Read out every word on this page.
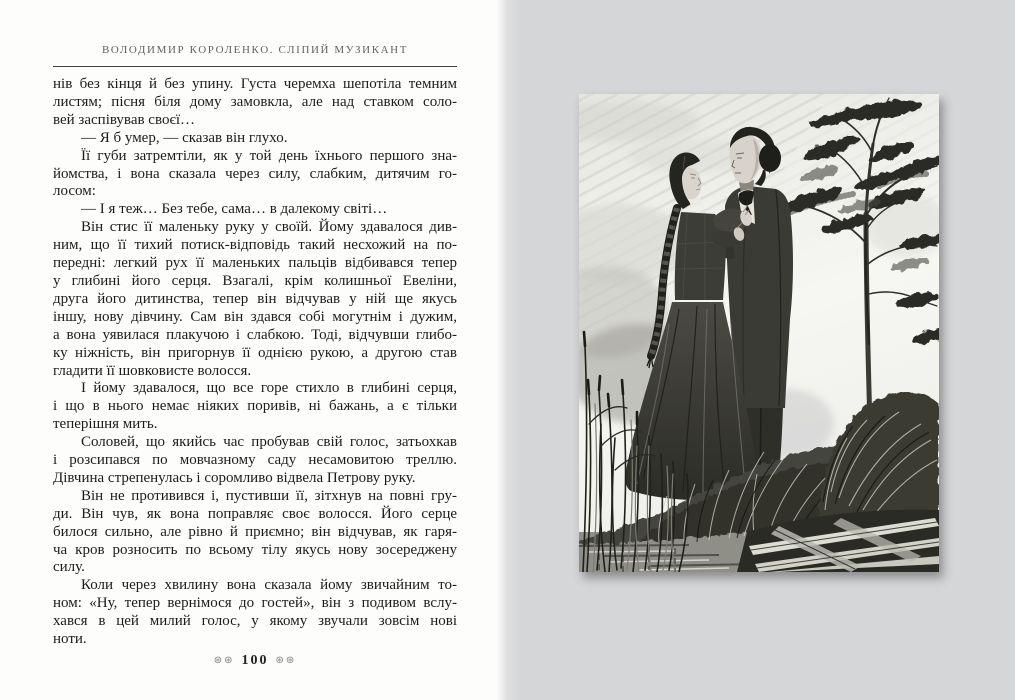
ВОЛОДИМИР КОРОЛЕНКО. СЛІПИЙ МУЗИКАНТ
нів без кінця й без упину. Густа черемха шепотіла темним
листям; пісня біля дому замовкла, але над ставком соло-
вей заспівував своєї…
— Я б умер, — сказав він глухо.
Її губи затремтіли, як у той день їхнього першого зна-
йомства, і вона сказала через силу, слабким, дитячим го-
лосом:
— І я теж… Без тебе, сама… в далекому світі…
Він стис її маленьку руку у своїй. Йому здавалося див-
ним, що її тихий потиск-відповідь такий несхожий на по-
передні: легкий рух її маленьких пальців відбивався тепер
у глибині його серця. Взагалі, крім колишньої Евеліни,
друга його дитинства, тепер він відчував у ній ще якусь
іншу, нову дівчину. Сам він здався собі могутнім і дужим,
а вона уявилася плакучою і слабкою. Тоді, відчувши глибо-
ку ніжність, він пригорнув її однією рукою, а другою став
гладити її шовковисте волосся.
І йому здавалося, що все горе стихло в глибині серця,
і що в нього немає ніяких поривів, ні бажань, а є тільки
теперішня мить.
Соловей, що якийсь час пробував свій голос, затьохкав
і розсипався по мовчазному саду несамовитою треллю.
Дівчина стрепенулась і соромливо відвела Петрову руку.
Він не противився і, пустивши її, зітхнув на повні гру-
ди. Він чув, як вона поправляє своє волосся. Його серце
билося сильно, але рівно й приємно; він відчував, як гаря-
ча кров розносить по всьому тілу якусь нову зосереджену
силу.
Коли через хвилину вона сказала йому звичайним то-
ном: «Ну, тепер вернімося до гостей», він з подивом вслу-
хався в цей милий голос, у якому звучали зовсім нові
ноти.
⊛⊛ 100 ⊛⊛
